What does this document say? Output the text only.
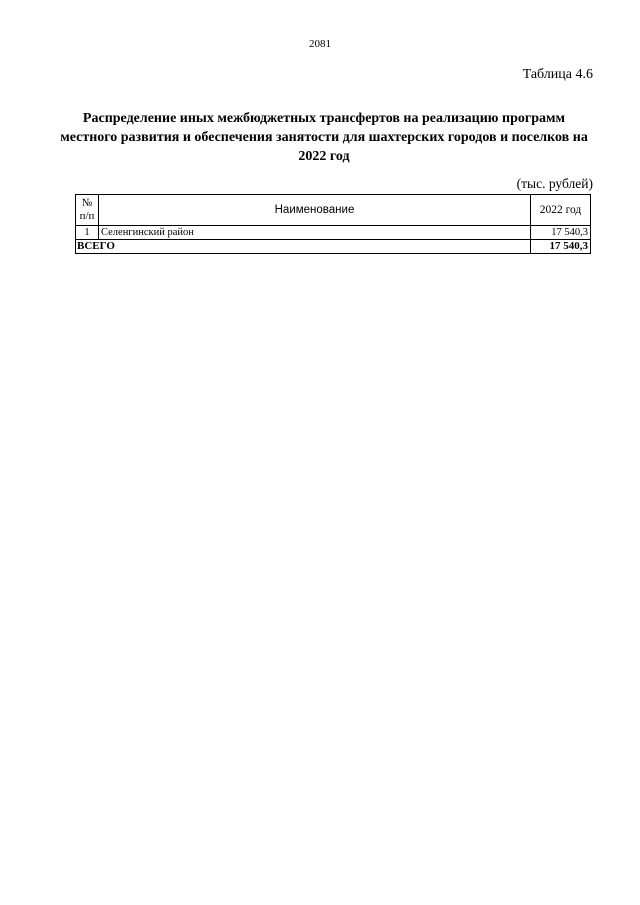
2081
Таблица 4.6
Распределение иных межбюджетных трансфертов на реализацию программ местного развития и обеспечения занятости для шахтерских городов и поселков на 2022 год
(тыс. рублей)
№
п/п	Наименование	2022 год
1	Селенгинский район	17 540,3
ВСЕГО		17 540,3
